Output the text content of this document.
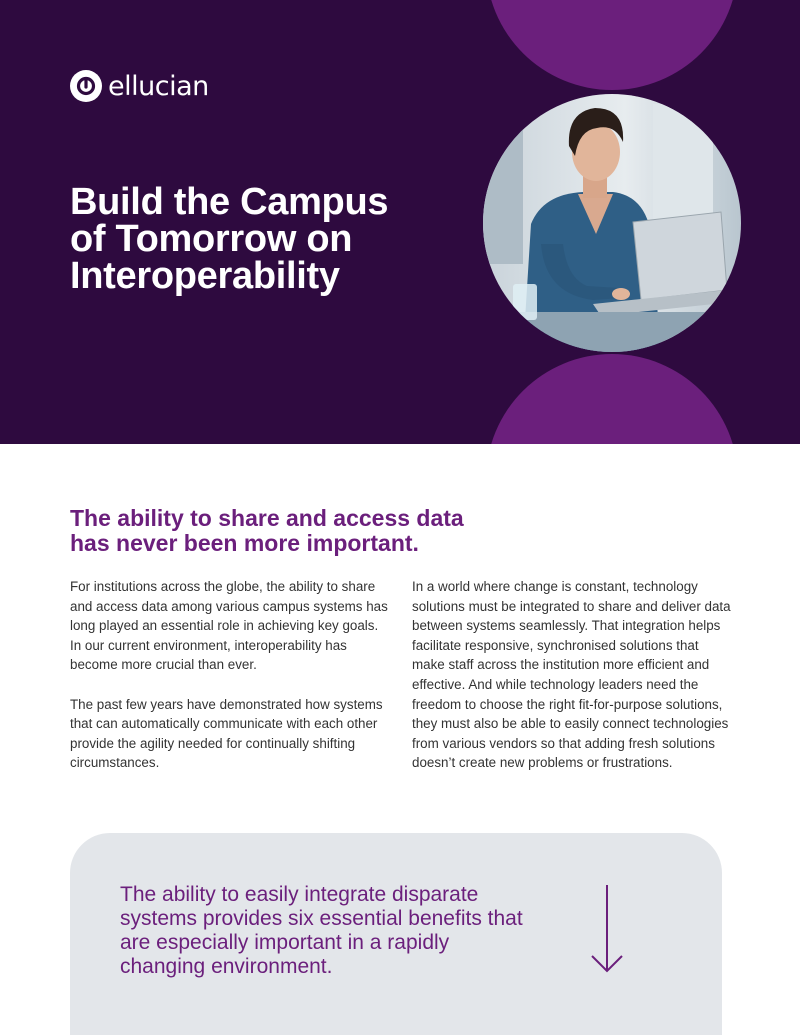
ellucian
Build the Campus
of Tomorrow on
Interoperability
The ability to share and access data
has never been more important.

For institutions across the globe, the ability to share and access data among various campus systems has long played an essential role in achieving key goals. In our current environment, interoperability has become more crucial than ever.

The past few years have demonstrated how systems that can automatically communicate with each other provide the agility needed for continually shifting circumstances.

In a world where change is constant, technology solutions must be integrated to share and deliver data between systems seamlessly. That integration helps facilitate responsive, synchronised solutions that make staff across the institution more efficient and effective. And while technology leaders need the freedom to choose the right fit-for-purpose solutions, they must also be able to easily connect technologies from various vendors so that adding fresh solutions doesn’t create new problems or frustrations.

The ability to easily integrate disparate systems provides six essential benefits that are especially important in a rapidly changing environment.
